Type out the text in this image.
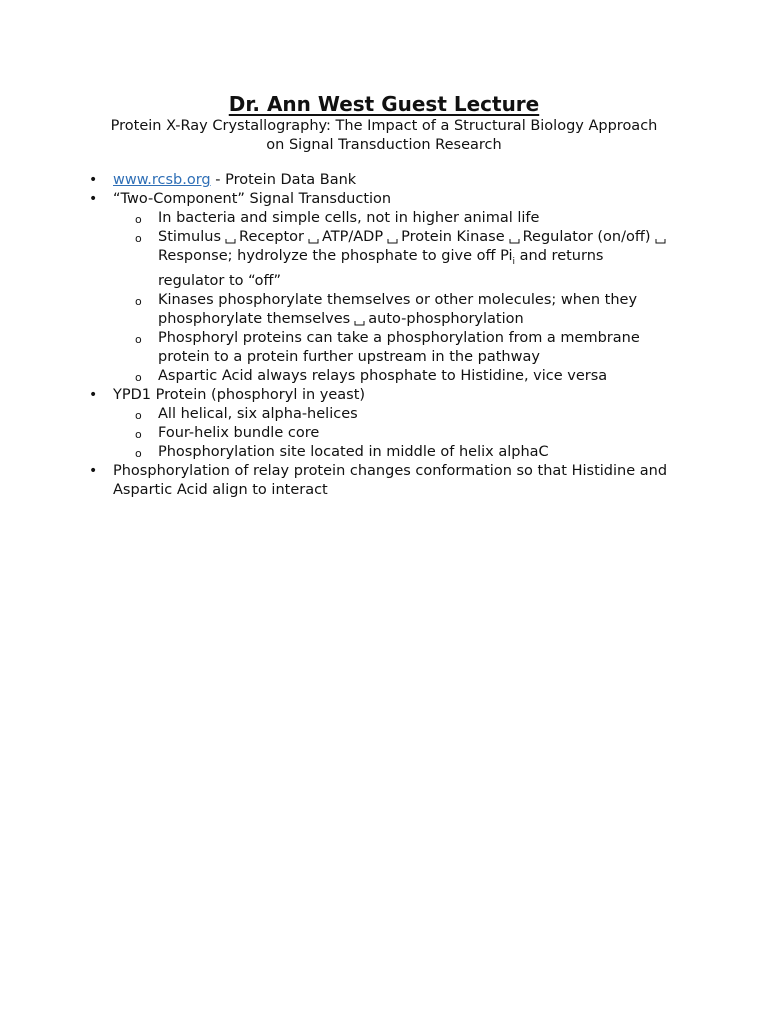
Dr. Ann West Guest Lecture
Protein X-Ray Crystallography: The Impact of a Structural Biology Approach
on Signal Transduction Research
• www.rcsb.org - Protein Data Bank
• “Two-Component” Signal Transduction
o In bacteria and simple cells, not in higher animal life
o Stimulus Receptor ATP/ADP Protein Kinase Regulator (on/off)Response; hydrolyze the phosphate to give off $Pi_i$ and returns regulator to “off”
o Kinases phosphorylate themselves or other molecules; when they phosphorylate themselves auto-phosphorylation
o Phosphoryl proteins can take a phosphorylation from a membrane protein to a protein further upstream in the pathway
o Aspartic Acid always relays phosphate to Histidine, vice versa
• YPD1 Protein (phosphoryl in yeast)
o All helical, six alpha-helices
o Four-helix bundle core
o Phosphorylation site located in middle of helix alphaC
• Phosphorylation of relay protein changes conformation so that Histidine and Aspartic Acid align to interact
